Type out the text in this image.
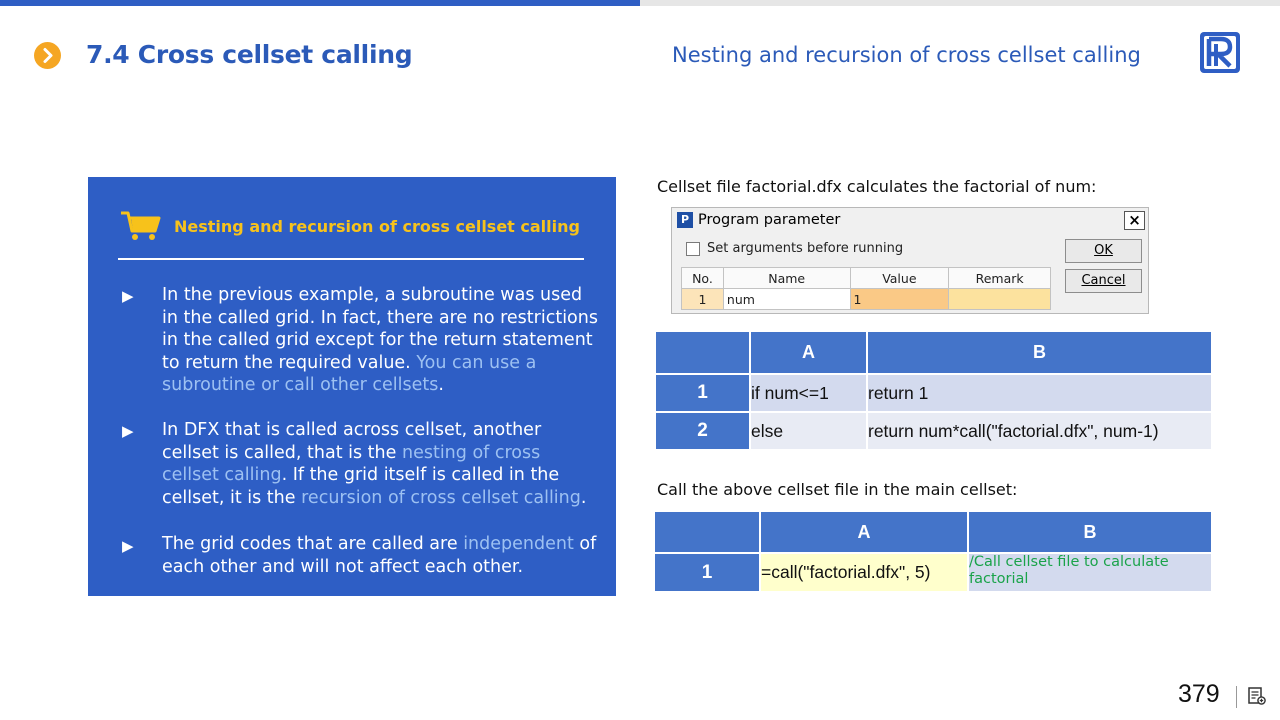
7.4 Cross cellset calling	Nesting and recursion of cross cellset calling
Nesting and recursion of cross cellset calling
▶ In the previous example, a subroutine was used in the called grid. In fact, there are no restrictions in the called grid except for the return statement to return the required value. You can use a subroutine or call other cellsets.
▶ In DFX that is called across cellset, another cellset is called, that is the nesting of cross cellset calling. If the grid itself is called in the cellset, it is the recursion of cross cellset calling.
▶ The grid codes that are called are independent of each other and will not affect each other.
Cellset file factorial.dfx calculates the factorial of num:
P Program parameter	×
Set arguments before running	OK
Cancel
No.	Name	Value	Remark
1	num	1	
	A	B
1	if num<=1	return 1
2	else	return num*call("factorial.dfx", num-1)
Call the above cellset file in the main cellset:
	A	B
1	=call("factorial.dfx", 5)	/Call cellset file to calculate factorial
379
